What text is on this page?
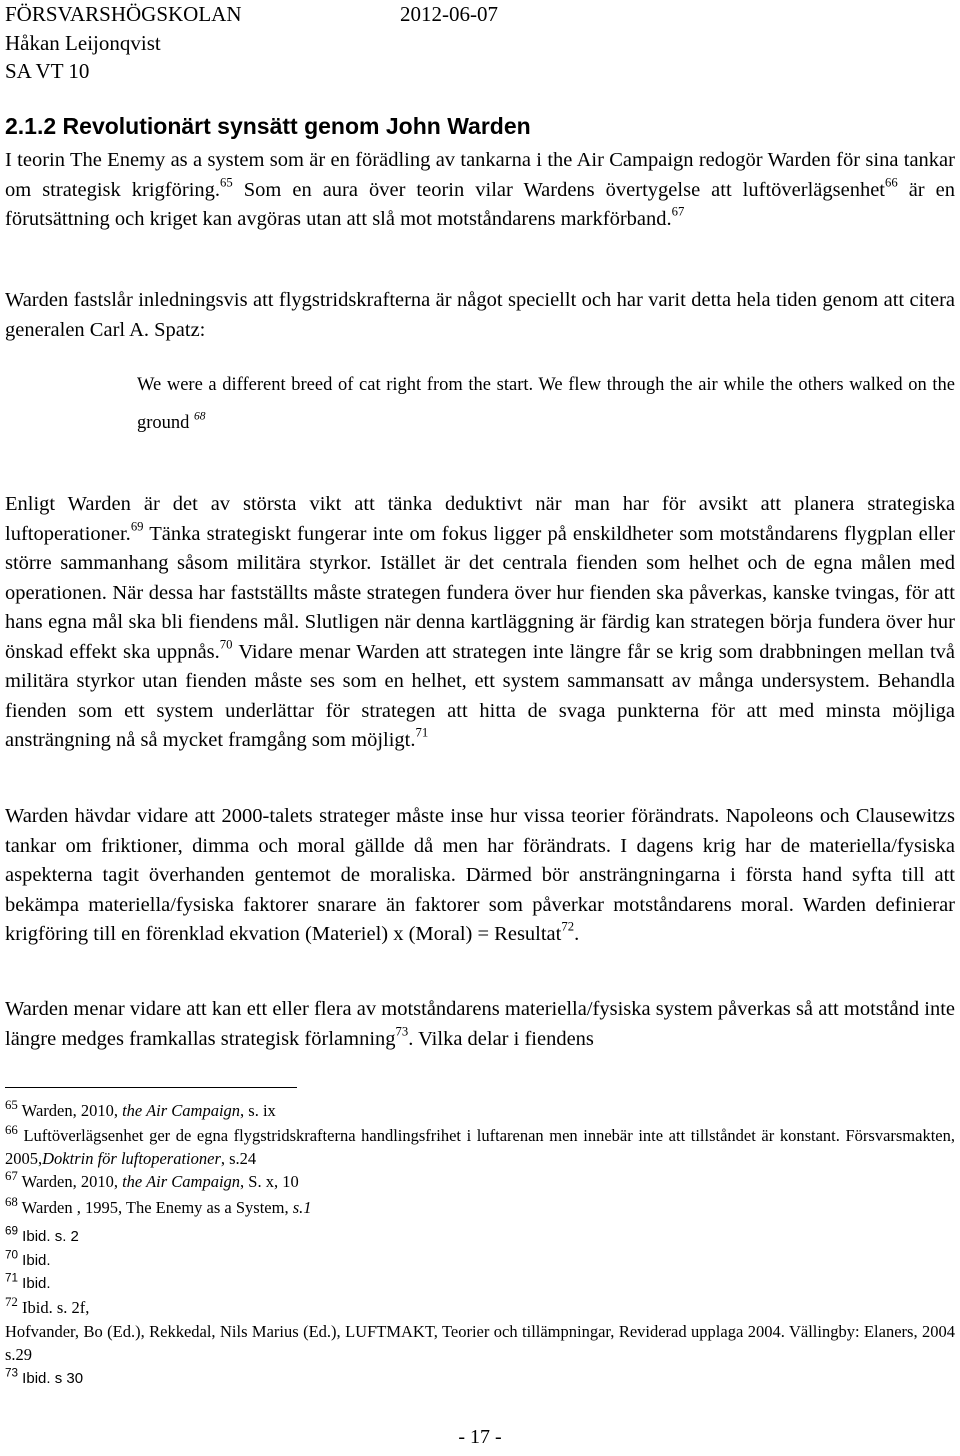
FÖRSVARSHÖGSKOLAN	2012-06-07
Håkan Leijonqvist
SA VT 10
2.1.2 Revolutionärt synsätt genom John Warden
I teorin The Enemy as a system som är en förädling av tankarna i the Air Campaign redogör Warden för sina tankar om strategisk krigföring.$^{65}$ Som en aura över teorin vilar Wardens övertygelse att luftöverlägsenhet$^{66}$ är en förutsättning och kriget kan avgöras utan att slå mot motståndarens markförband.$^{67}$
Warden fastslår inledningsvis att flygstridskrafterna är något speciellt och har varit detta hela tiden genom att citera generalen Carl A. Spatz:
We were a different breed of cat right from the start. We flew through the air while the others walked on the ground $^{68}$
Enligt Warden är det av största vikt att tänka deduktivt när man har för avsikt att planera strategiska luftoperationer.$^{69}$ Tänka strategiskt fungerar inte om fokus ligger på enskildheter som motståndarens flygplan eller större sammanhang såsom militära styrkor. Istället är det centrala fienden som helhet och de egna målen med operationen. När dessa har fastställts måste strategen fundera över hur fienden ska påverkas, kanske tvingas, för att hans egna mål ska bli fiendens mål. Slutligen när denna kartläggning är färdig kan strategen börja fundera över hur önskad effekt ska uppnås.$^{70}$ Vidare menar Warden att strategen inte längre får se krig som drabbningen mellan två militära styrkor utan fienden måste ses som en helhet, ett system sammansatt av många undersystem. Behandla fienden som ett system underlättar för strategen att hitta de svaga punkterna för att med minsta möjliga ansträngning nå så mycket framgång som möjligt.$^{71}$
Warden hävdar vidare att 2000-talets strateger måste inse hur vissa teorier förändrats. Napoleons och Clausewitzs tankar om friktioner, dimma och moral gällde då men har förändrats. I dagens krig har de materiella/fysiska aspekterna tagit överhanden gentemot de moraliska. Därmed bör ansträngningarna i första hand syfta till att bekämpa materiella/fysiska faktorer snarare än faktorer som påverkar motståndarens moral. Warden definierar krigföring till en förenklad ekvation (Materiel) x (Moral) = Resultat$^{72}$.
Warden menar vidare att kan ett eller flera av motståndarens materiella/fysiska system påverkas så att motstånd inte längre medges framkallas strategisk förlamning$^{73}$. Vilka delar i fiendens
$^{65}$ Warden, 2010, the Air Campaign, s. ix
$^{66}$ Luftöverlägsenhet ger de egna flygstridskrafterna handlingsfrihet i luftarenan men innebär inte att tillståndet är konstant. Försvarsmakten, 2005,Doktrin för luftoperationer, s.24
$^{67}$ Warden, 2010, the Air Campaign, S. x, 10
$^{68}$ Warden , 1995, The Enemy as a System, s.1
$^{69}$ Ibid. s. 2
$^{70}$ Ibid.
$^{71}$ Ibid.
$^{72}$ Ibid. s. 2f,
Hofvander, Bo (Ed.), Rekkedal, Nils Marius (Ed.), LUFTMAKT, Teorier och tillämpningar, Reviderad upplaga 2004. Vällingby: Elaners, 2004 s.29
$^{73}$ Ibid. s 30
- 17 -
